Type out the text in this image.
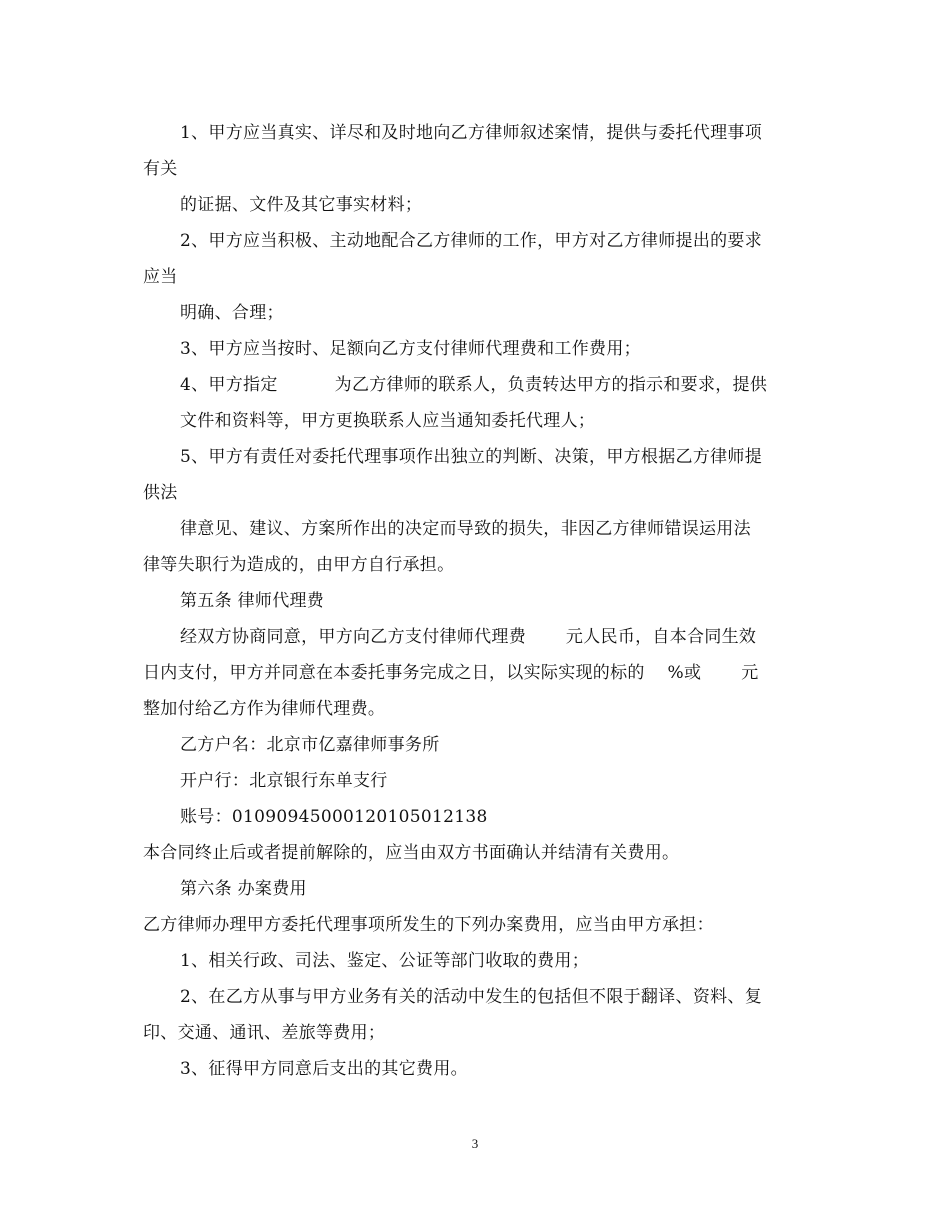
1、甲方应当真实、详尽和及时地向乙方律师叙述案情，提供与委托代理事项
有关
的证据、文件及其它事实材料；
2、甲方应当积极、主动地配合乙方律师的工作，甲方对乙方律师提出的要求
应当
明确、合理；
3、甲方应当按时、足额向乙方支付律师代理费和工作费用；
4、甲方指定          为乙方律师的联系人，负责转达甲方的指示和要求，提供
文件和资料等，甲方更换联系人应当通知委托代理人；
5、甲方有责任对委托代理事项作出独立的判断、决策，甲方根据乙方律师提
供法
律意见、建议、方案所作出的决定而导致的损失，非因乙方律师错误运用法
律等失职行为造成的，由甲方自行承担。
第五条 律师代理费
经双方协商同意，甲方向乙方支付律师代理费       元人民币，自本合同生效
日内支付，甲方并同意在本委托事务完成之日，以实际实现的标的    %或       元
整加付给乙方作为律师代理费。
乙方户名：北京市亿嘉律师事务所
开户行：北京银行东单支行
账号：01090945000120105012138
本合同终止后或者提前解除的，应当由双方书面确认并结清有关费用。
第六条 办案费用
乙方律师办理甲方委托代理事项所发生的下列办案费用，应当由甲方承担：
1、相关行政、司法、鉴定、公证等部门收取的费用；
2、在乙方从事与甲方业务有关的活动中发生的包括但不限于翻译、资料、复
印、交通、通讯、差旅等费用；
3、征得甲方同意后支出的其它费用。
3
